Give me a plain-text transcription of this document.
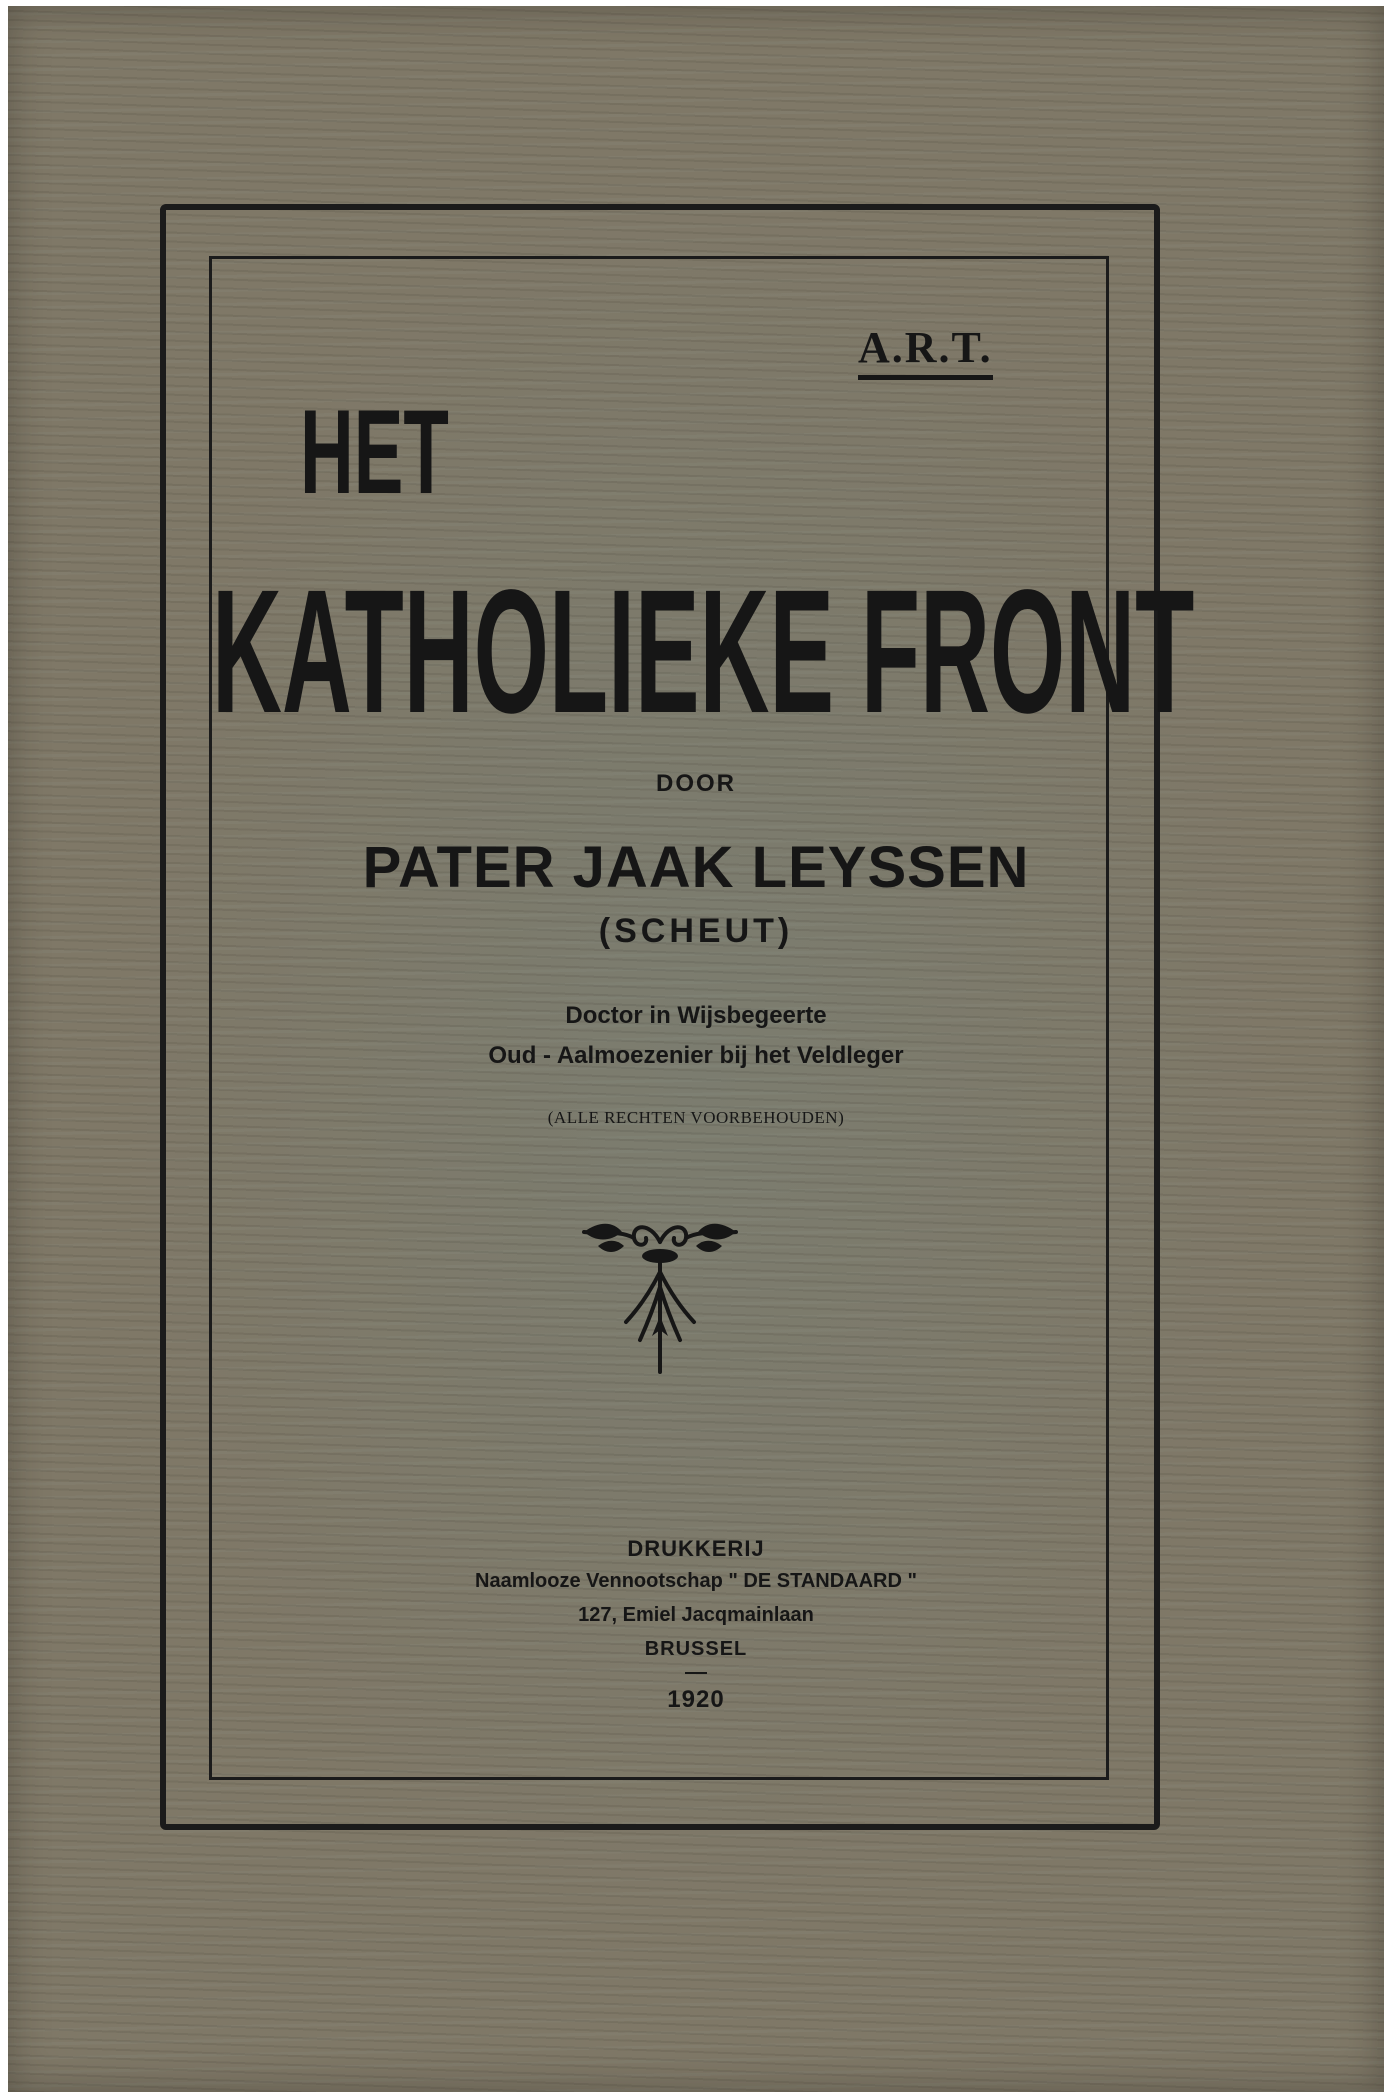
A.R.T.
HET
KATHOLIEKE FRONT
DOOR
PATER JAAK LEYSSEN
(SCHEUT)
Doctor in Wijsbegeerte
Oud - Aalmoezenier bij het Veldleger
(ALLE RECHTEN VOORBEHOUDEN)
DRUKKERIJ
Naamlooze Vennootschap " DE STANDAARD "
127, Emiel Jacqmainlaan
BRUSSEL
1920
